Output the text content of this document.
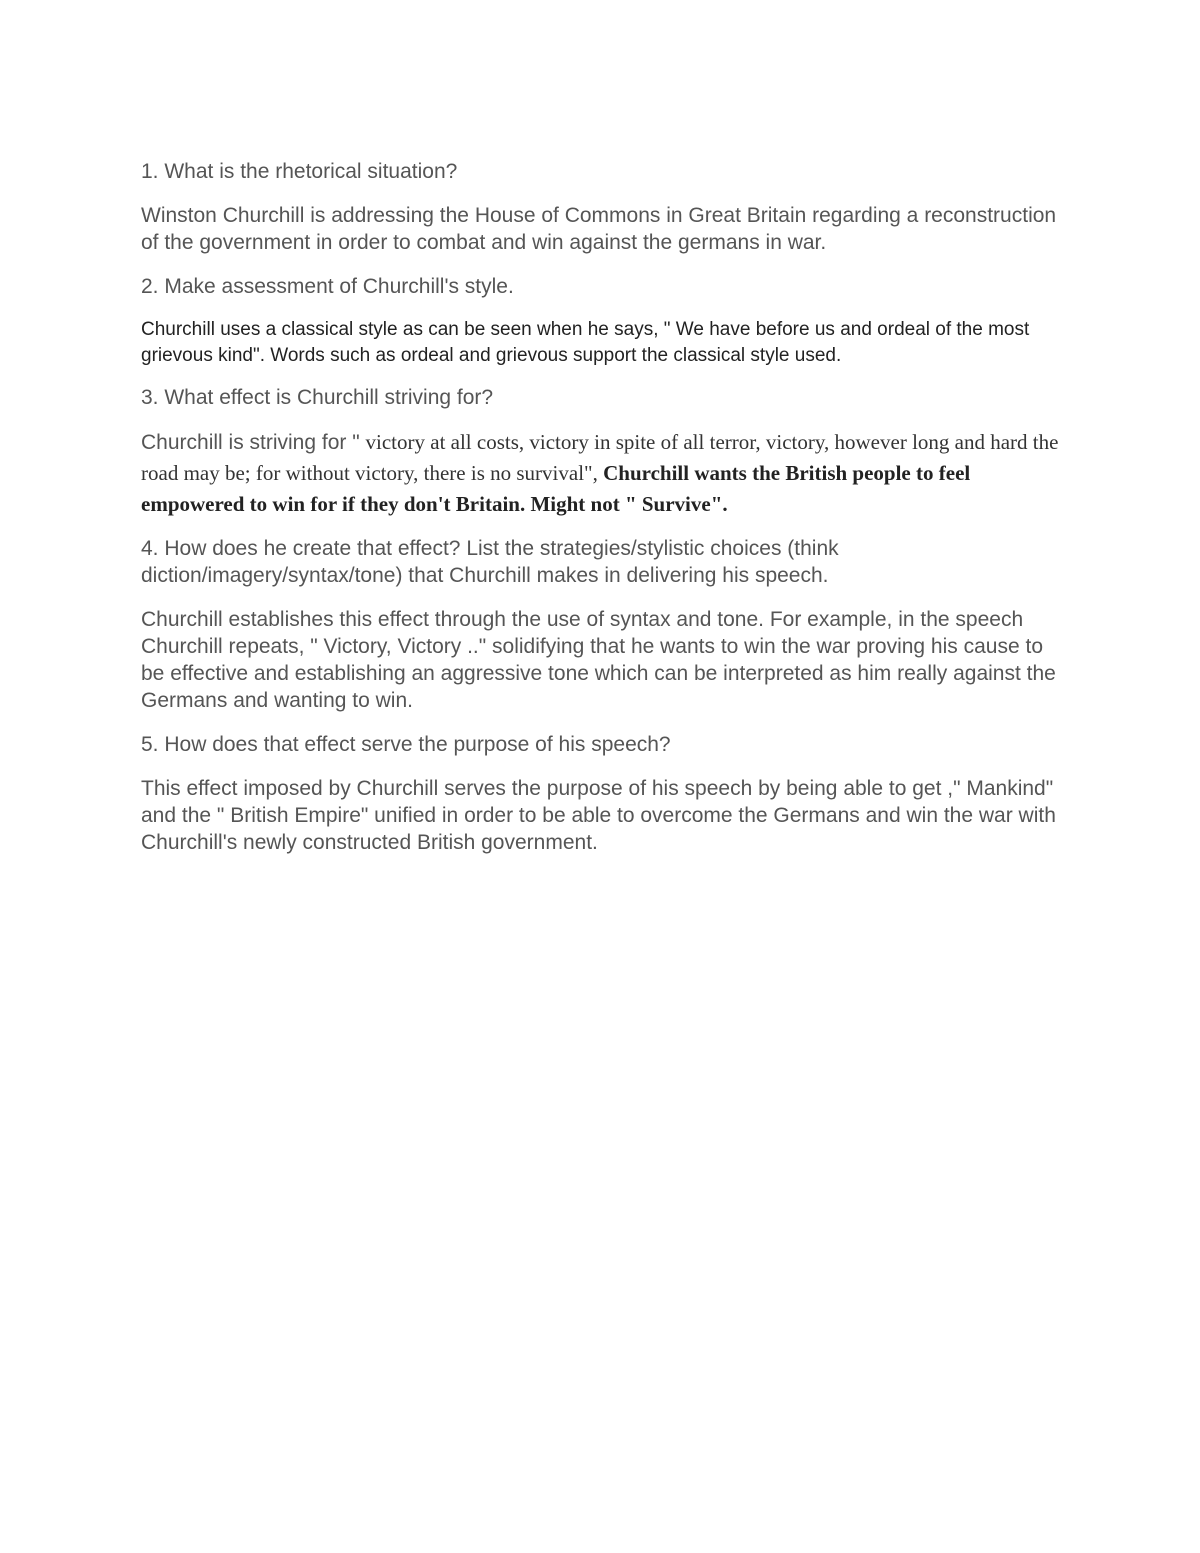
1. What is the rhetorical situation?

Winston Churchill is addressing the House of Commons in Great Britain regarding a reconstruction of the government in order to combat and win against the germans in war.

2. Make assessment of Churchill's style.

Churchill uses a classical style as can be seen when he says, " We have before us and ordeal of the most grievous kind". Words such as ordeal and grievous support the classical style used.

3. What effect is Churchill striving for?

Churchill is striving for " victory at all costs, victory in spite of all terror, victory, however long and hard the road may be; for without victory, there is no survival", Churchill wants the British people to feel empowered to win for if they don't Britain. Might not " Survive".

4. How does he create that effect? List the strategies/stylistic choices (think diction/imagery/syntax/tone) that Churchill makes in delivering his speech.

Churchill establishes this effect through the use of syntax and tone. For example, in the speech Churchill repeats, " Victory, Victory .." solidifying that he wants to win the war proving his cause to be effective and establishing an aggressive tone which can be interpreted as him really against the Germans and wanting to win.

5. How does that effect serve the purpose of his speech?

This effect imposed by Churchill serves the purpose of his speech by being able to get ," Mankind" and the " British Empire" unified in order to be able to overcome the Germans and win the war with Churchill's newly constructed British government.
